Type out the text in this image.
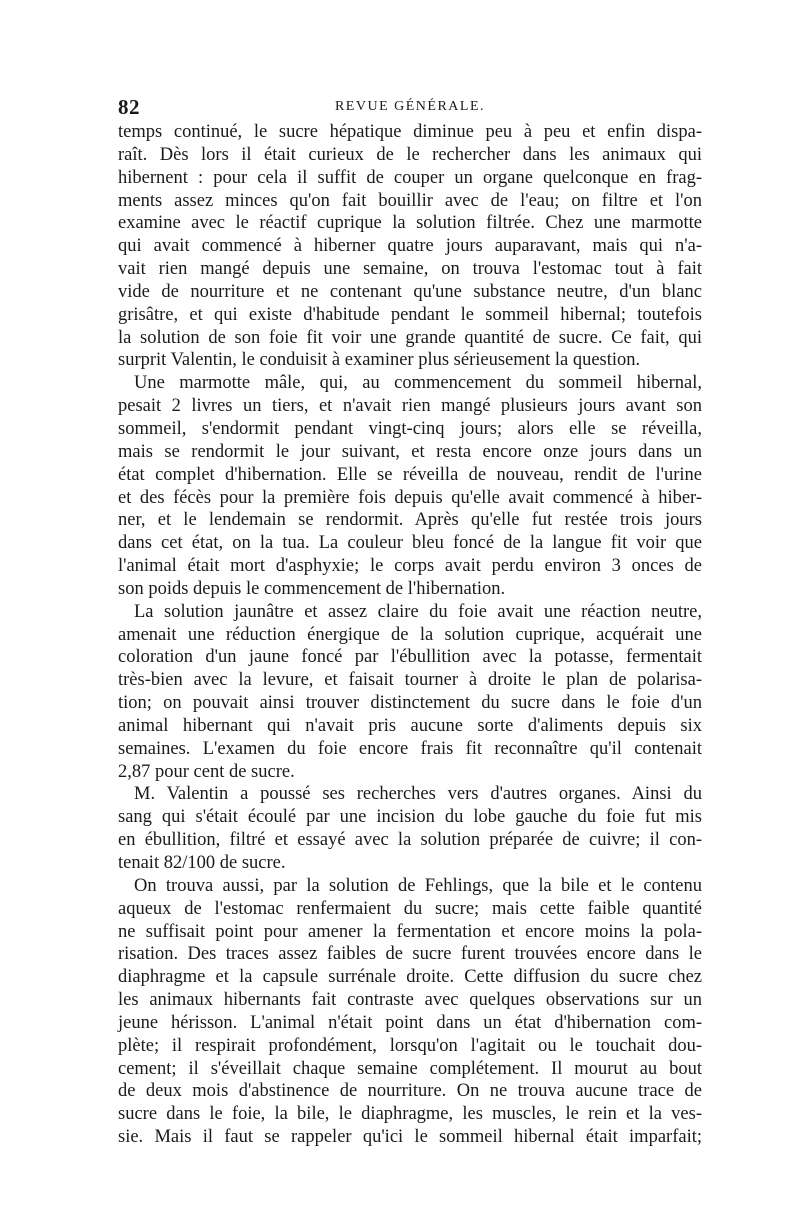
82	REVUE GÉNÉRALE.
temps continué, le sucre hépatique diminue peu à peu et enfin dispa-
raît. Dès lors il était curieux de le rechercher dans les animaux qui
hibernent : pour cela il suffit de couper un organe quelconque en frag-
ments assez minces qu'on fait bouillir avec de l'eau; on filtre et l'on
examine avec le réactif cuprique la solution filtrée. Chez une marmotte
qui avait commencé à hiberner quatre jours auparavant, mais qui n'a-
vait rien mangé depuis une semaine, on trouva l'estomac tout à fait
vide de nourriture et ne contenant qu'une substance neutre, d'un blanc
grisâtre, et qui existe d'habitude pendant le sommeil hibernal; toutefois
la solution de son foie fit voir une grande quantité de sucre. Ce fait, qui
surprit Valentin, le conduisit à examiner plus sérieusement la question.
Une marmotte mâle, qui, au commencement du sommeil hibernal,
pesait 2 livres un tiers, et n'avait rien mangé plusieurs jours avant son
sommeil, s'endormit pendant vingt-cinq jours; alors elle se réveilla,
mais se rendormit le jour suivant, et resta encore onze jours dans un
état complet d'hibernation. Elle se réveilla de nouveau, rendit de l'urine
et des fécès pour la première fois depuis qu'elle avait commencé à hiber-
ner, et le lendemain se rendormit. Après qu'elle fut restée trois jours
dans cet état, on la tua. La couleur bleu foncé de la langue fit voir que
l'animal était mort d'asphyxie; le corps avait perdu environ 3 onces de
son poids depuis le commencement de l'hibernation.
La solution jaunâtre et assez claire du foie avait une réaction neutre,
amenait une réduction énergique de la solution cuprique, acquérait une
coloration d'un jaune foncé par l'ébullition avec la potasse, fermentait
très-bien avec la levure, et faisait tourner à droite le plan de polarisa-
tion; on pouvait ainsi trouver distinctement du sucre dans le foie d'un
animal hibernant qui n'avait pris aucune sorte d'aliments depuis six
semaines. L'examen du foie encore frais fit reconnaître qu'il contenait
2,87 pour cent de sucre.
M. Valentin a poussé ses recherches vers d'autres organes. Ainsi du
sang qui s'était écoulé par une incision du lobe gauche du foie fut mis
en ébullition, filtré et essayé avec la solution préparée de cuivre; il con-
tenait 82/100 de sucre.
On trouva aussi, par la solution de Fehlings, que la bile et le contenu
aqueux de l'estomac renfermaient du sucre; mais cette faible quantité
ne suffisait point pour amener la fermentation et encore moins la pola-
risation. Des traces assez faibles de sucre furent trouvées encore dans le
diaphragme et la capsule surrénale droite. Cette diffusion du sucre chez
les animaux hibernants fait contraste avec quelques observations sur un
jeune hérisson. L'animal n'était point dans un état d'hibernation com-
plète; il respirait profondément, lorsqu'on l'agitait ou le touchait dou-
cement; il s'éveillait chaque semaine complétement. Il mourut au bout
de deux mois d'abstinence de nourriture. On ne trouva aucune trace de
sucre dans le foie, la bile, le diaphragme, les muscles, le rein et la ves-
sie. Mais il faut se rappeler qu'ici le sommeil hibernal était imparfait;
